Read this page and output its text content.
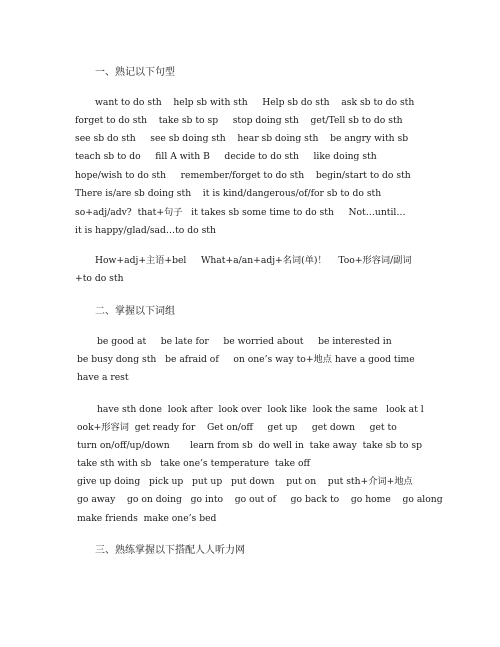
一、熟记以下句型
want to do sth    help sb with sth     Help sb do sth    ask sb to do sth
forget to do sth    take sb to sp     stop doing sth    get/Tell sb to do sth
see sb do sth     see sb doing sth    hear sb doing sth    be angry with sb
teach sb to do     fill A with B     decide to do sth     like doing sth
hope/wish to do sth     remember/forget to do sth    begin/start to do sth
There is/are sb doing sth    it is kind/dangerous/of/for sb to do sth
so+adj/adv?  that+句子   it takes sb some time to do sth     Not…until…
it is happy/glad/sad…to do sth
How+adj+主语+bel     What+a/an+adj+名词(单)！    Too+形容词/副词
+to do sth
二、掌握以下词组
be good at     be late for     be worried about     be interested in
be busy dong sth   be afraid of     on one’s way to+地点 have a good time
have a rest
have sth done  look after  look over  look like  look the same   look at l
ook+形容词  get ready for    Get on/off     get up     get down     get to
turn on/off/up/down       learn from sb  do well in  take away  take sb to sp
take sth with sb   take one’s temperature  take off
give up doing   pick up   put up   put down    put on    put sth+介词+地点
go away    go on doing   go into    go out of     go back to    go home    go along
make friends  make one’s bed
三、熟练掌握以下搭配人人听力网
